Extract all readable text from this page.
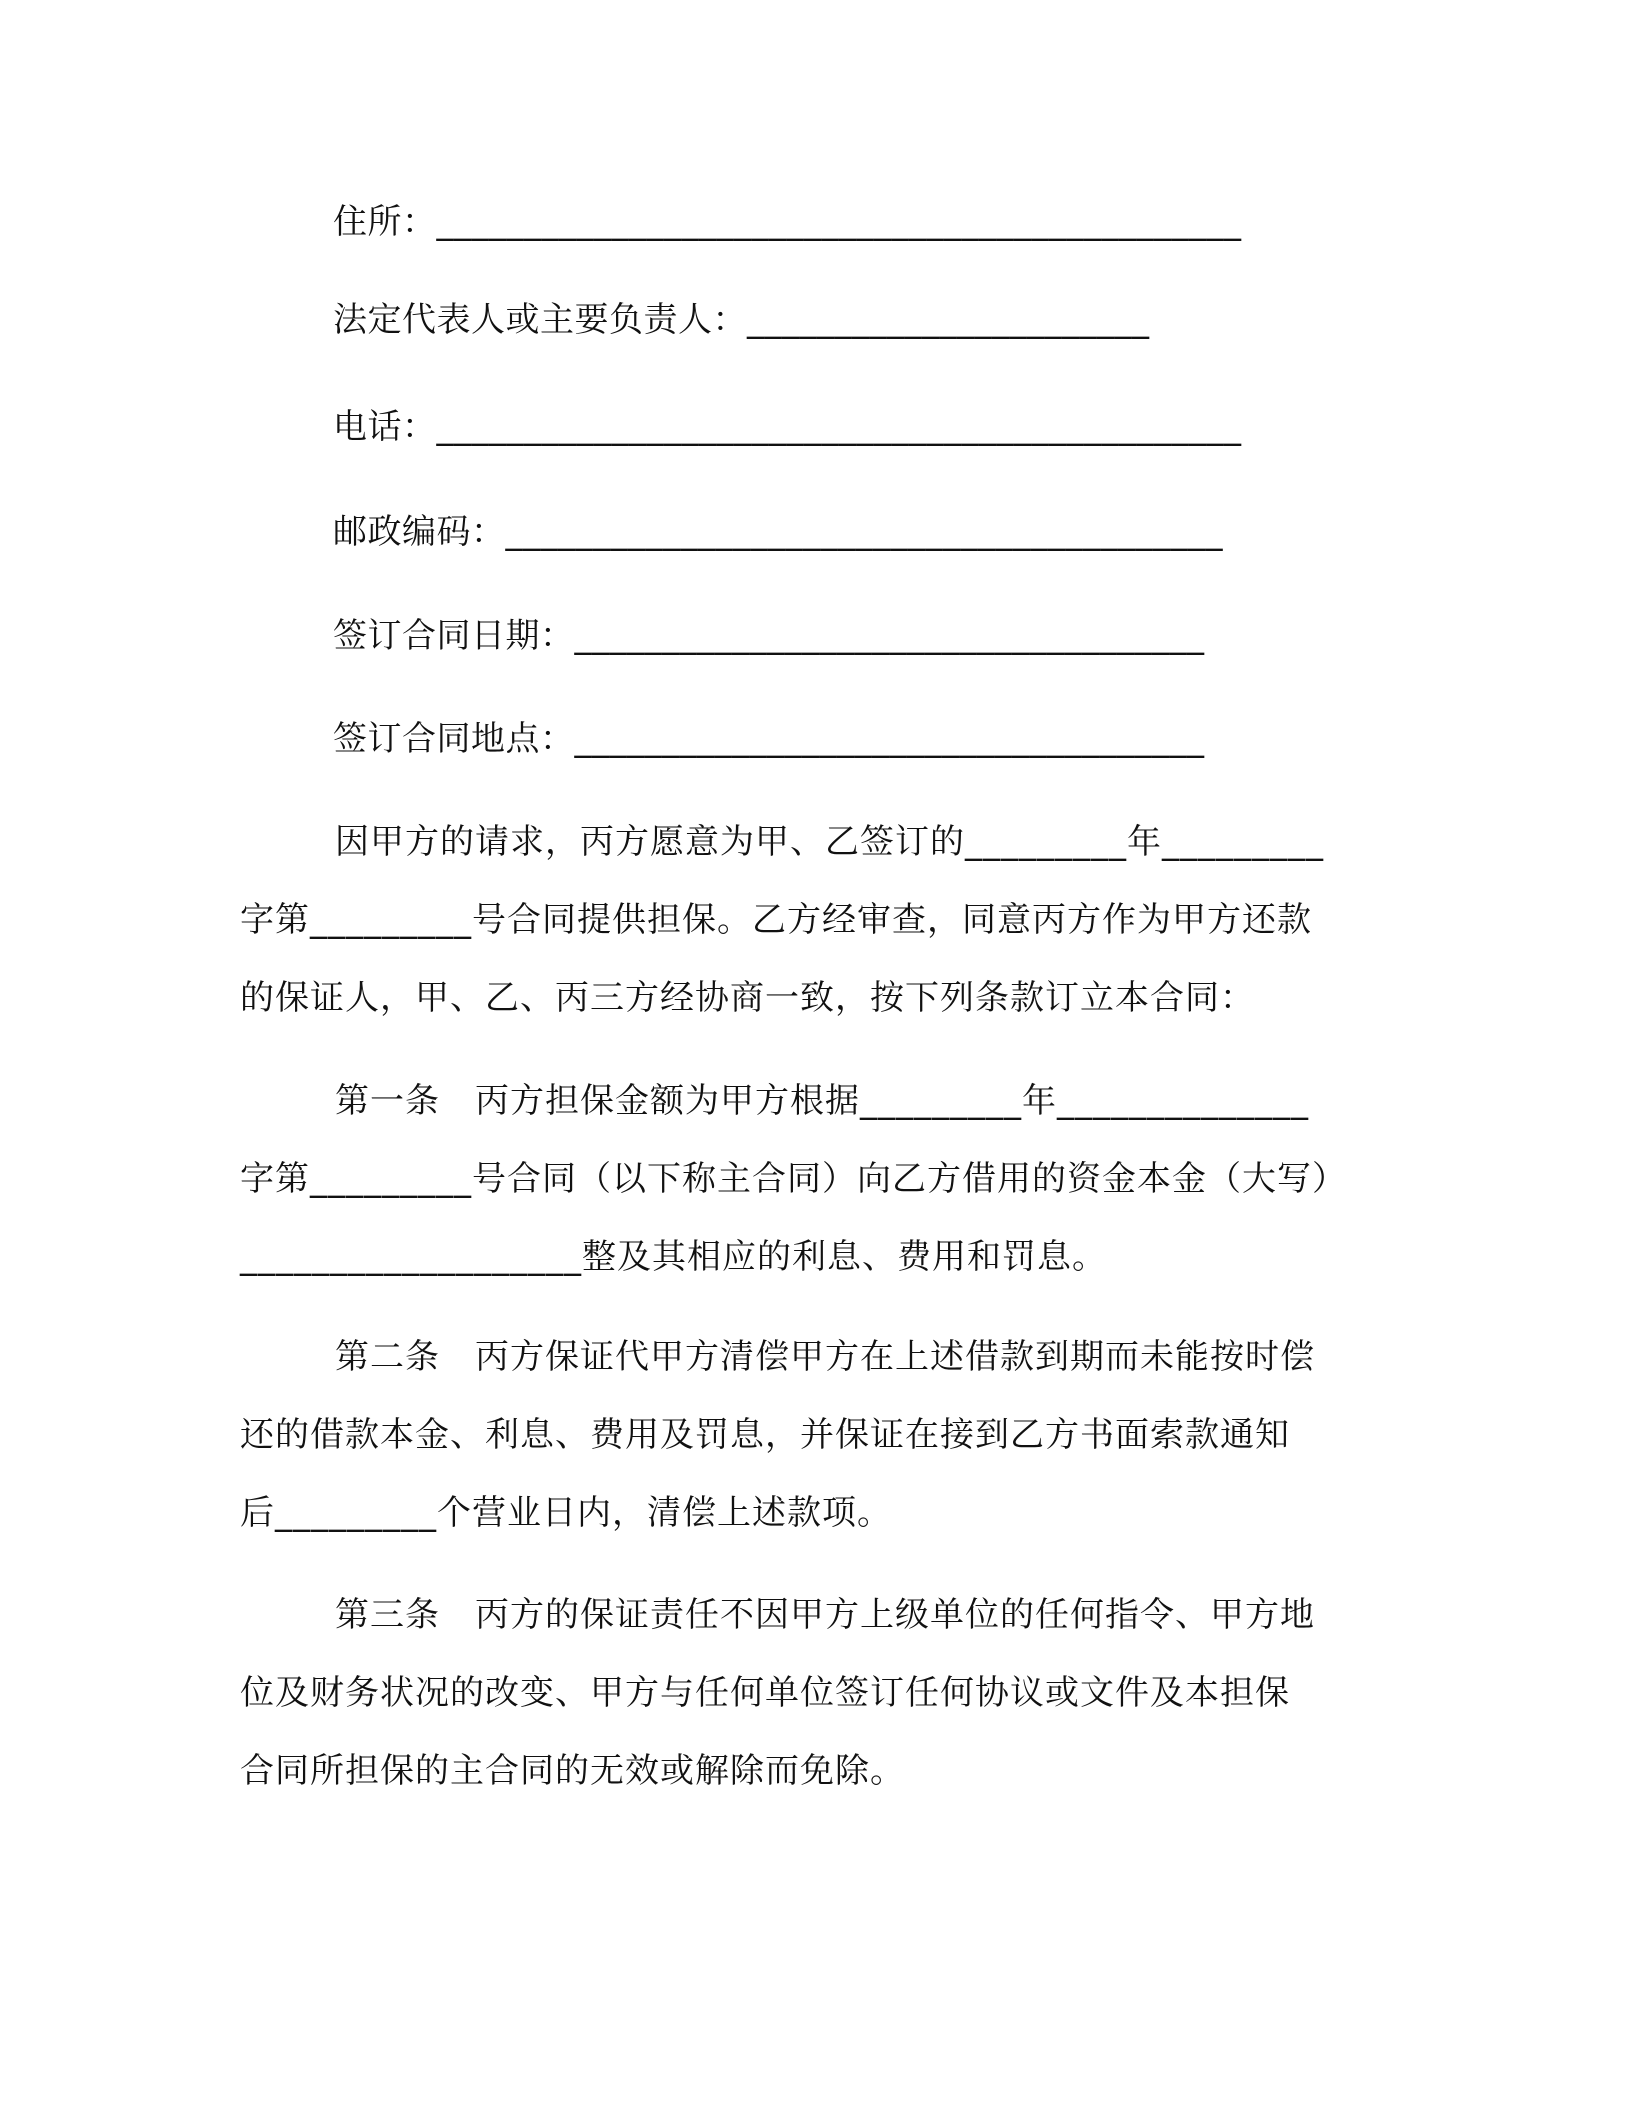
住所：______________________________________________
法定代表人或主要负责人：_______________________
电话：______________________________________________
邮政编码：_________________________________________
签订合同日期：____________________________________
签订合同地点：____________________________________
因甲方的请求，丙方愿意为甲、乙签订的_________年_________
字第_________号合同提供担保。乙方经审查，同意丙方作为甲方还款
的保证人，甲、乙、丙三方经协商一致，按下列条款订立本合同：
第一条　丙方担保金额为甲方根据_________年______________
字第_________号合同（以下称主合同）向乙方借用的资金本金（大写）
___________________整及其相应的利息、费用和罚息。
第二条　丙方保证代甲方清偿甲方在上述借款到期而未能按时偿
还的借款本金、利息、费用及罚息，并保证在接到乙方书面索款通知
后_________个营业日内，清偿上述款项。
第三条　丙方的保证责任不因甲方上级单位的任何指令、甲方地
位及财务状况的改变、甲方与任何单位签订任何协议或文件及本担保
合同所担保的主合同的无效或解除而免除。
